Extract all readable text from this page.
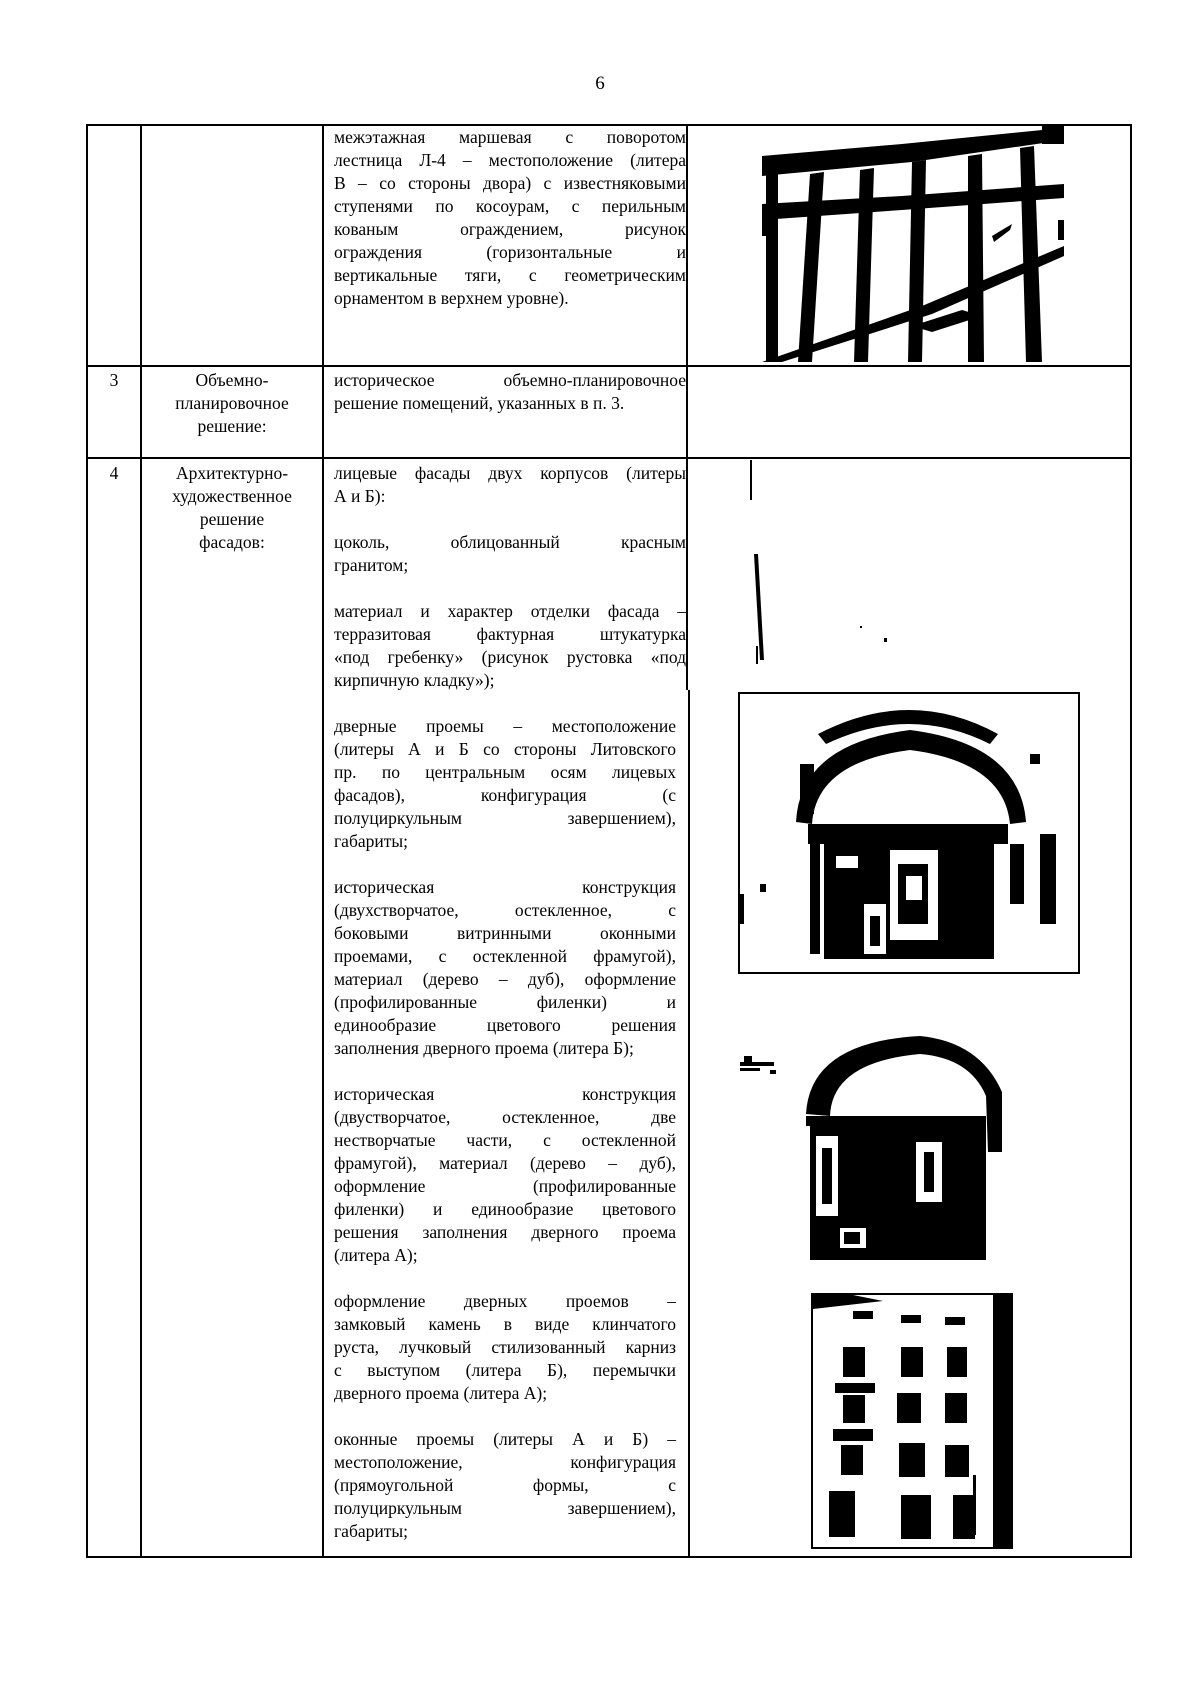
6
межэтажная маршевая с поворотом
лестница Л-4 – местоположение (литера
В – со стороны двора) с известняковыми
ступенями по косоурам, с перильным
кованым ограждением, рисунок
ограждения (горизонтальные и
вертикальные тяги, с геометрическим
орнаментом в верхнем уровне).
3	Объемно-
планировочное
решение:
историческое объемно-планировочное
решение помещений, указанных в п. 3.
4	Архитектурно-
художественное
решение
фасадов:
лицевые фасады двух корпусов (литеры
А и Б):
цоколь, облицованный красным
гранитом;
материал и характер отделки фасада –
терразитовая фактурная штукатурка
«под гребенку» (рисунок рустовка «под
кирпичную кладку»);
дверные проемы – местоположение
(литеры А и Б со стороны Литовского
пр. по центральным осям лицевых
фасадов), конфигурация (с
полуциркульным завершением),
габариты;
историческая конструкция
(двухстворчатое, остекленное, с
боковыми витринными оконными
проемами, с остекленной фрамугой),
материал (дерево – дуб), оформление
(профилированные филенки) и
единообразие цветового решения
заполнения дверного проема (литера Б);
историческая конструкция
(двустворчатое, остекленное, две
нестворчатые части, с остекленной
фрамугой), материал (дерево – дуб),
оформление (профилированные
филенки) и единообразие цветового
решения заполнения дверного проема
(литера А);
оформление дверных проемов –
замковый камень в виде клинчатого
руста, лучковый стилизованный карниз
с выступом (литера Б), перемычки
дверного проема (литера А);
оконные проемы (литеры А и Б) –
местоположение, конфигурация
(прямоугольной формы, с
полуциркульным завершением),
габариты;
